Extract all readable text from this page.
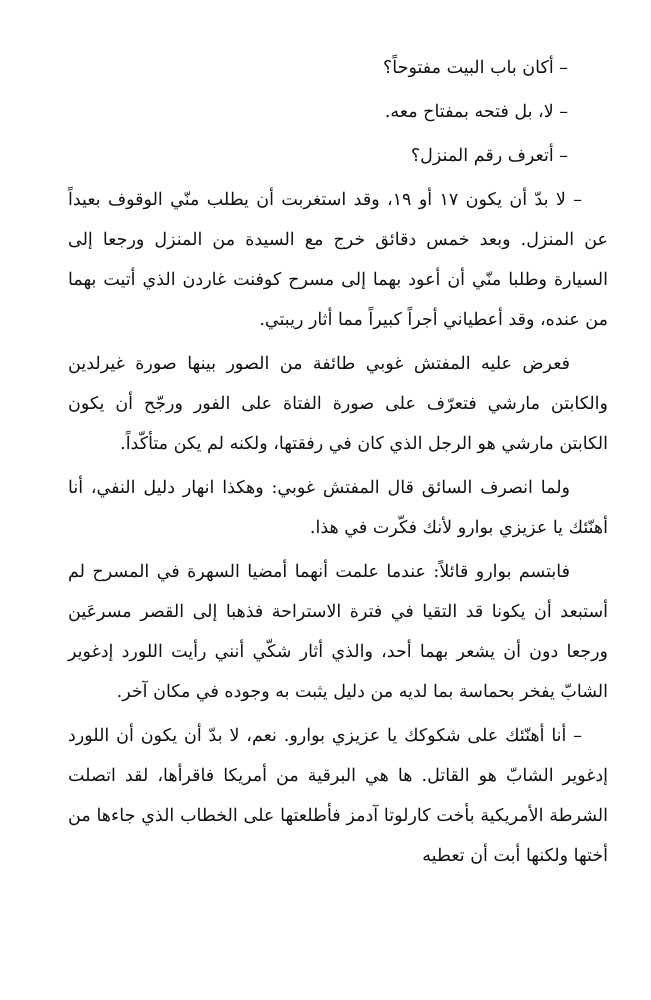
– أكان باب البيت مفتوحاً؟

– لا، بل فتحه بمفتاح معه.

– أتعرف رقم المنزل؟

– لا بدّ أن يكون ١٧ أو ١٩، وقد استغربت أن يطلب منّي الوقوف بعيداً عن المنزل. وبعد خمس دقائق خرج مع السيدة من المنزل ورجعا إلى السيارة وطلبا منّي أن أعود بهما إلى مسرح كوفنت غاردن الذي أتيت بهما من عنده، وقد أعطياني أجراً كبيراً مما أثار ريبتي.

فعرض عليه المفتش غوبي طائفة من الصور بينها صورة غيرلدين والكابتن مارشي فتعرّف على صورة الفتاة على الفور ورجّح أن يكون الكابتن مارشي هو الرجل الذي كان في رفقتها، ولكنه لم يكن متأكّداً.

ولما انصرف السائق قال المفتش غوبي: وهكذا انهار دليل النفي، أنا أهنّئك يا عزيزي بوارو لأنك فكّرت في هذا.

فابتسم بوارو قائلاً: عندما علمت أنهما أمضيا السهرة في المسرح لم أستبعد أن يكونا قد التقيا في فترة الاستراحة فذهبا إلى القصر مسرعَين ورجعا دون أن يشعر بهما أحد، والذي أثار شكّي أنني رأيت اللورد إدغوير الشابّ يفخر بحماسة بما لديه من دليل يثبت به وجوده في مكان آخر.

– أنا أهنّئك على شكوكك يا عزيزي بوارو. نعم، لا بدّ أن يكون أن اللورد إدغوير الشابّ هو القاتل. ها هي البرقية من أمريكا فاقرأها، لقد اتصلت الشرطة الأمريكية بأخت كارلوتا آدمز فأطلعتها على الخطاب الذي جاءها من أختها ولكنها أبت أن تعطيه
